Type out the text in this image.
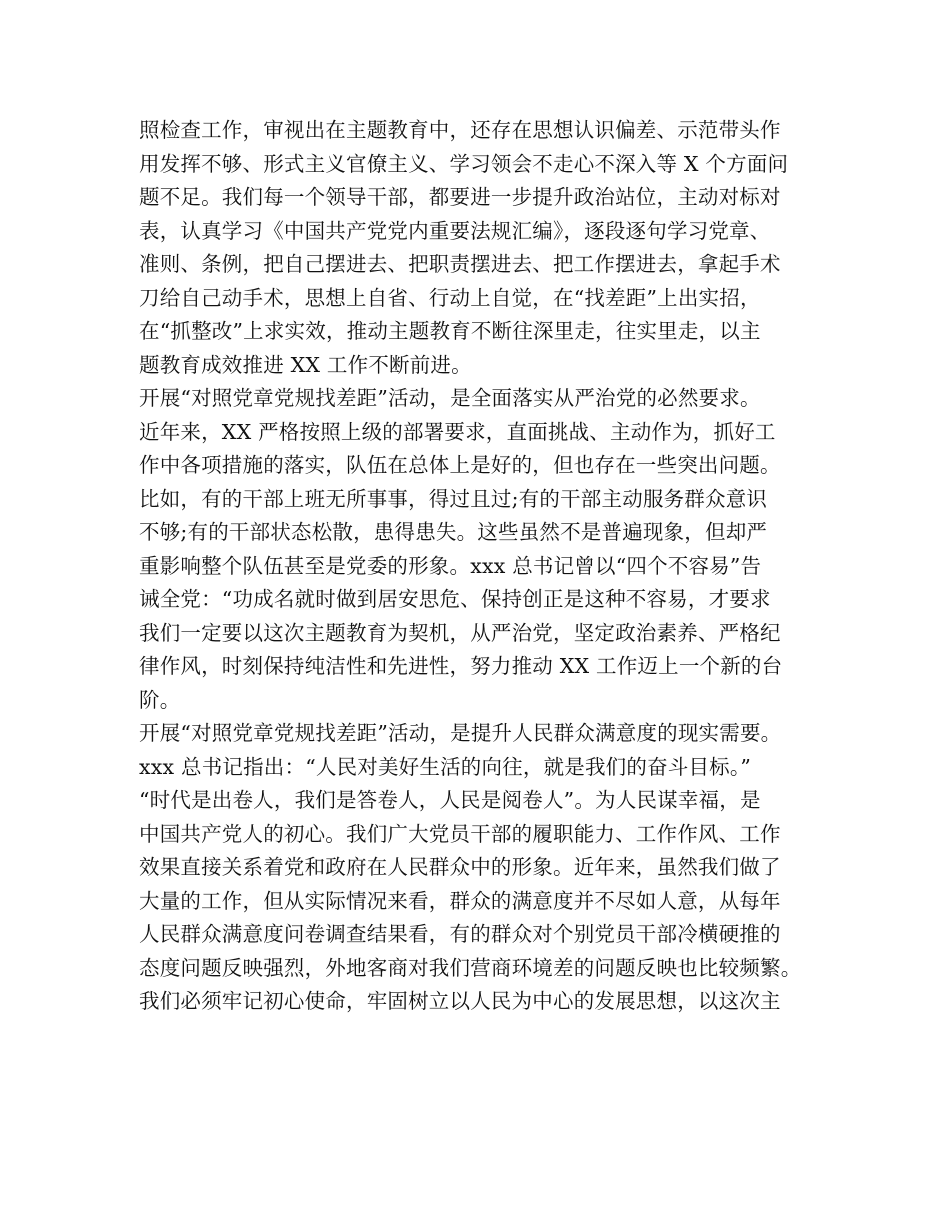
照检查工作，审视出在主题教育中，还存在思想认识偏差、示范带头作
用发挥不够、形式主义官僚主义、学习领会不走心不深入等 X 个方面问
题不足。我们每一个领导干部，都要进一步提升政治站位，主动对标对
表，认真学习《中国共产党党内重要法规汇编》，逐段逐句学习党章、
准则、条例，把自己摆进去、把职责摆进去、把工作摆进去，拿起手术
刀给自己动手术，思想上自省、行动上自觉，在“找差距”上出实招，
在“抓整改”上求实效，推动主题教育不断往深里走，往实里走，以主
题教育成效推进 XX 工作不断前进。
开展“对照党章党规找差距”活动，是全面落实从严治党的必然要求。
近年来，XX 严格按照上级的部署要求，直面挑战、主动作为，抓好工
作中各项措施的落实，队伍在总体上是好的，但也存在一些突出问题。
比如，有的干部上班无所事事，得过且过;有的干部主动服务群众意识
不够;有的干部状态松散，患得患失。这些虽然不是普遍现象，但却严
重影响整个队伍甚至是党委的形象。xxx 总书记曾以“四个不容易”告
诫全党：“功成名就时做到居安思危、保持创正是这种不容易，才要求
我们一定要以这次主题教育为契机，从严治党，坚定政治素养、严格纪
律作风，时刻保持纯洁性和先进性，努力推动 XX 工作迈上一个新的台
阶。
开展“对照党章党规找差距”活动，是提升人民群众满意度的现实需要。
xxx 总书记指出：“人民对美好生活的向往，就是我们的奋斗目标。”
“时代是出卷人，我们是答卷人，人民是阅卷人”。为人民谋幸福，是
中国共产党人的初心。我们广大党员干部的履职能力、工作作风、工作
效果直接关系着党和政府在人民群众中的形象。近年来，虽然我们做了
大量的工作，但从实际情况来看，群众的满意度并不尽如人意，从每年
人民群众满意度问卷调查结果看，有的群众对个别党员干部冷横硬推的
态度问题反映强烈，外地客商对我们营商环境差的问题反映也比较频繁。
我们必须牢记初心使命，牢固树立以人民为中心的发展思想，以这次主
